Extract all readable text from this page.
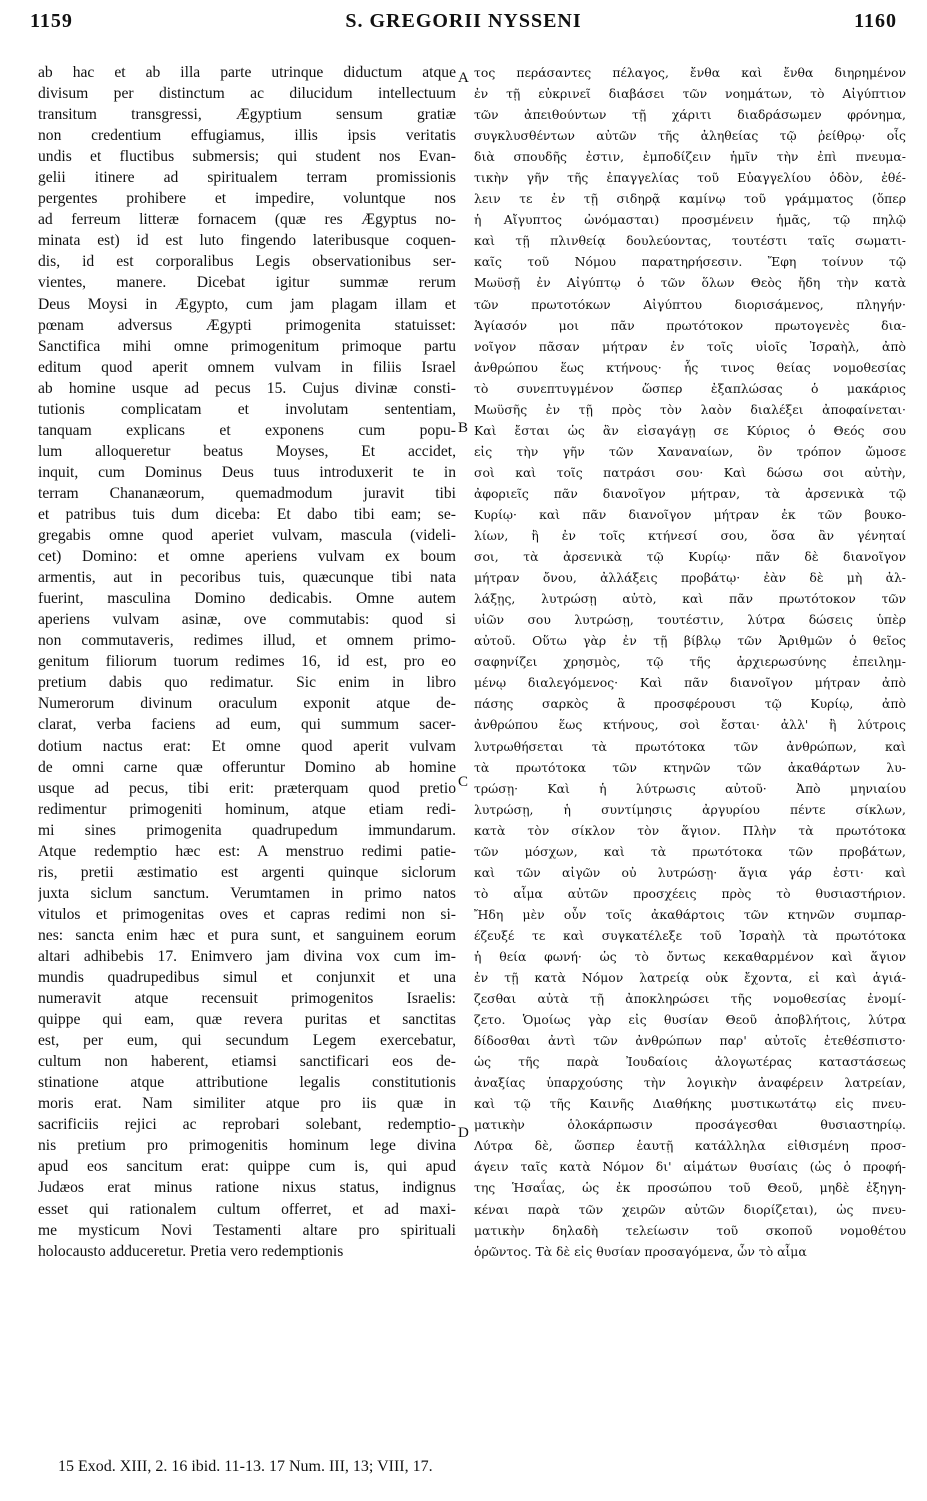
1159	S. GREGORII NYSSENI	1160
ab hac et ab illa parte utrinque diductum atque
divisum per distinctum ac dilucidum intellectuum
transitum transgressi, Ægyptium sensum gratiæ
non credentium effugiamus, illis ipsis veritatis
undis et fluctibus submersis; qui student nos Evan-
gelii itinere ad spiritualem terram promissionis
pergentes prohibere et impedire, voluntque nos
ad ferreum litteræ fornacem (quæ res Ægyptus no-
minata est) id est luto fingendo lateribusque coquen-
dis, id est corporalibus Legis observationibus ser-
vientes, manere. Dicebat igitur summæ rerum
Deus Moysi in Ægypto, cum jam plagam illam et
pœnam adversus Ægypti primogenita statuisset:
Sanctifica mihi omne primogenitum primoque partu
editum quod aperit omnem vulvam in filiis Israel
ab homine usque ad pecus 15. Cujus divinæ consti-
tutionis complicatam et involutam sententiam,
tanquam explicans et exponens cum popu-
lum alloqueretur beatus Moyses, Et accidet,
inquit, cum Dominus Deus tuus introduxerit te in
terram Chananæorum, quemadmodum juravit tibi
et patribus tuis dum diceba: Et dabo tibi eam; se-
gregabis omne quod aperiet vulvam, mascula (videli-
cet) Domino: et omne aperiens vulvam ex boum
armentis, aut in pecoribus tuis, quæcunque tibi nata
fuerint, masculina Domino dedicabis. Omne autem
aperiens vulvam asinæ, ove commutabis: quod si
non commutaveris, redimes illud, et omnem primo-
genitum filiorum tuorum redimes 16, id est, pro eo
pretium dabis quo redimatur. Sic enim in libro
Numerorum divinum oraculum exponit atque de-
clarat, verba faciens ad eum, qui summum sacer-
dotium nactus erat: Et omne quod aperit vulvam
de omni carne quæ offeruntur Domino ab homine
usque ad pecus, tibi erit: præterquam quod pretio
redimentur primogeniti hominum, atque etiam redi-
mi sines primogenita quadrupedum immundarum.
Atque redemptio hæc est: A menstruo redimi patie-
ris, pretii æstimatio est argenti quinque siclorum
juxta siclum sanctum. Verumtamen in primo natos
vitulos et primogenitas oves et capras redimi non si-
nes: sancta enim hæc et pura sunt, et sanguinem eorum
altari adhibebis 17. Enimvero jam divina vox cum im-
mundis quadrupedibus simul et conjunxit et una
numeravit atque recensuit primogenitos Israelis:
quippe qui eam, quæ revera puritas et sanctitas
est, per eum, qui secundum Legem exercebatur,
cultum non haberent, etiamsi sanctificari eos de-
stinatione atque attributione legalis constitutionis
moris erat. Nam similiter atque pro iis quæ in
sacrificiis rejici ac reprobari solebant, redemptio-
nis pretium pro primogenitis hominum lege divina
apud eos sancitum erat: quippe cum is, qui apud
Judæos erat minus ratione nixus status, indignus
esset qui rationalem cultum offerret, et ad maxi-
me mysticum Novi Testamenti altare pro spirituali
holocausto adduceretur. Pretia vero redemptionis
τος περάσαντες πέλαγος, ἔνθα καὶ ἔνθα διηρημένον
ἐν τῇ εὐκρινεῖ διαβάσει τῶν νοημάτων, τὸ Αἰγύπτιον
τῶν ἀπειθούντων τῇ χάριτι διαδράσωμεν φρόνημα,
συγκλυσθέντων αὐτῶν τῆς ἀληθείας τῷ ῥείθρῳ· οἷς
διὰ σπουδῆς ἐστιν, ἐμποδίζειν ἡμῖν τὴν ἐπὶ πνευμα-
τικὴν γῆν τῆς ἐπαγγελίας τοῦ Εὐαγγελίου ὁδὸν, ἐθέ-
λειν τε ἐν τῇ σιδηρᾷ καμίνῳ τοῦ γράμματος (ὅπερ
ἡ Αἴγυπτος ὠνόμασται) προσμένειν ἡμᾶς, τῷ πηλῷ
καὶ τῇ πλινθείᾳ δουλεύοντας, τουτέστι ταῖς σωματι-
καῖς τοῦ Νόμου παρατηρήσεσιν. Ἔφη τοίνυν τῷ
Μωϋσῇ ἐν Αἰγύπτῳ ὁ τῶν ὅλων Θεὸς ἤδη τὴν κατὰ
τῶν πρωτοτόκων Αἰγύπτου διορισάμενος, πληγήν·
Ἁγίασόν μοι πᾶν πρωτότοκον πρωτογενὲς δια-
νοῖγον πᾶσαν μήτραν ἐν τοῖς υἱοῖς Ἰσραὴλ, ἀπὸ
ἀνθρώπου ἕως κτήνους· ἧς τινος θείας νομοθεσίας
τὸ συνεπτυγμένον ὥσπερ ἐξαπλώσας ὁ μακάριος
Μωϋσῆς ἐν τῇ πρὸς τὸν λαὸν διαλέξει ἀποφαίνεται·
Καὶ ἔσται ὡς ἂν εἰσαγάγῃ σε Κύριος ὁ Θεός σου
εἰς τὴν γῆν τῶν Χαναναίων, ὃν τρόπον ὤμοσε
σοὶ καὶ τοῖς πατράσι σου· Καὶ δώσω σοι αὐτὴν,
ἀφοριεῖς πᾶν διανοῖγον μήτραν, τὰ ἀρσενικὰ τῷ
Κυρίῳ· καὶ πᾶν διανοῖγον μήτραν ἐκ τῶν βουκο-
λίων, ἢ ἐν τοῖς κτήνεσί σου, ὅσα ἂν γένηταί
σοι, τὰ ἀρσενικὰ τῷ Κυρίῳ· πᾶν δὲ διανοῖγον
μήτραν ὄνου, ἀλλάξεις προβάτῳ· ἐὰν δὲ μὴ ἀλ-
λάξῃς, λυτρώσῃ αὐτὸ, καὶ πᾶν πρωτότοκον τῶν
υἱῶν σου λυτρώσῃ, τουτέστιν, λύτρα δώσεις ὑπὲρ
αὐτοῦ. Οὕτω γὰρ ἐν τῇ βίβλῳ τῶν Ἀριθμῶν ὁ θεῖος
σαφηνίζει χρησμὸς, τῷ τῆς ἀρχιερωσύνης ἐπειλημ-
μένῳ διαλεγόμενος· Καὶ πᾶν διανοῖγον μήτραν ἀπὸ
πάσης σαρκὸς ἃ προσφέρουσι τῷ Κυρίῳ, ἀπὸ
ἀνθρώπου ἕως κτήνους, σοὶ ἔσται· ἀλλ' ἢ λύτροις
λυτρωθήσεται τὰ πρωτότοκα τῶν ἀνθρώπων, καὶ
τὰ πρωτότοκα τῶν κτηνῶν τῶν ἀκαθάρτων λυ-
τρώσῃ· Καὶ ἡ λύτρωσις αὐτοῦ· Ἀπὸ μηνιαίου
λυτρώσῃ, ἡ συντίμησις ἀργυρίου πέντε σίκλων,
κατὰ τὸν σίκλον τὸν ἅγιον. Πλὴν τὰ πρωτότοκα
τῶν μόσχων, καὶ τὰ πρωτότοκα τῶν προβάτων,
καὶ τῶν αἰγῶν οὐ λυτρώσῃ· ἅγια γάρ ἐστι· καὶ
τὸ αἷμα αὐτῶν προσχέεις πρὸς τὸ θυσιαστήριον.
Ἤδη μὲν οὖν τοῖς ἀκαθάρτοις τῶν κτηνῶν συμπαρ-
έζευξέ τε καὶ συγκατέλεξε τοῦ Ἰσραὴλ τὰ πρωτότοκα
ἡ θεία φωνή· ὡς τὸ ὄντως κεκαθαρμένον καὶ ἅγιον
ἐν τῇ κατὰ Νόμον λατρείᾳ οὐκ ἔχοντα, εἰ καὶ ἁγιά-
ζεσθαι αὐτὰ τῇ ἀποκληρώσει τῆς νομοθεσίας ἐνομί-
ζετο. Ὁμοίως γὰρ εἰς θυσίαν Θεοῦ ἀποβλήτοις, λύτρα
δίδοσθαι ἀντὶ τῶν ἀνθρώπων παρ' αὐτοῖς ἐτεθέσπιστο·
ὡς τῆς παρὰ Ἰουδαίοις ἀλογωτέρας καταστάσεως
ἀναξίας ὑπαρχούσης τὴν λογικὴν ἀναφέρειν λατρείαν,
καὶ τῷ τῆς Καινῆς Διαθήκης μυστικωτάτῳ εἰς πνευ-
ματικὴν ὁλοκάρπωσιν προσάγεσθαι θυσιαστηρίῳ.
Λύτρα δὲ, ὥσπερ ἑαυτῇ κατάλληλα εἰθισμένη προσ-
άγειν ταῖς κατὰ Νόμον δι' αἱμάτων θυσίαις (ὡς ὁ προφή-
της Ἡσαΐας, ὡς ἐκ προσώπου τοῦ Θεοῦ, μηδὲ ἐξηγη-
κέναι παρὰ τῶν χειρῶν αὐτῶν διορίζεται), ὡς πνευ-
ματικὴν δηλαδὴ τελείωσιν τοῦ σκοποῦ νομοθέτου
ὁρῶντος. Τὰ δὲ εἰς θυσίαν προσαγόμενα, ὧν τὸ αἷμα
A
B
C
D
15 Exod. XIII, 2. 16 ibid. 11-13. 17 Num. III, 13; VIII, 17.
